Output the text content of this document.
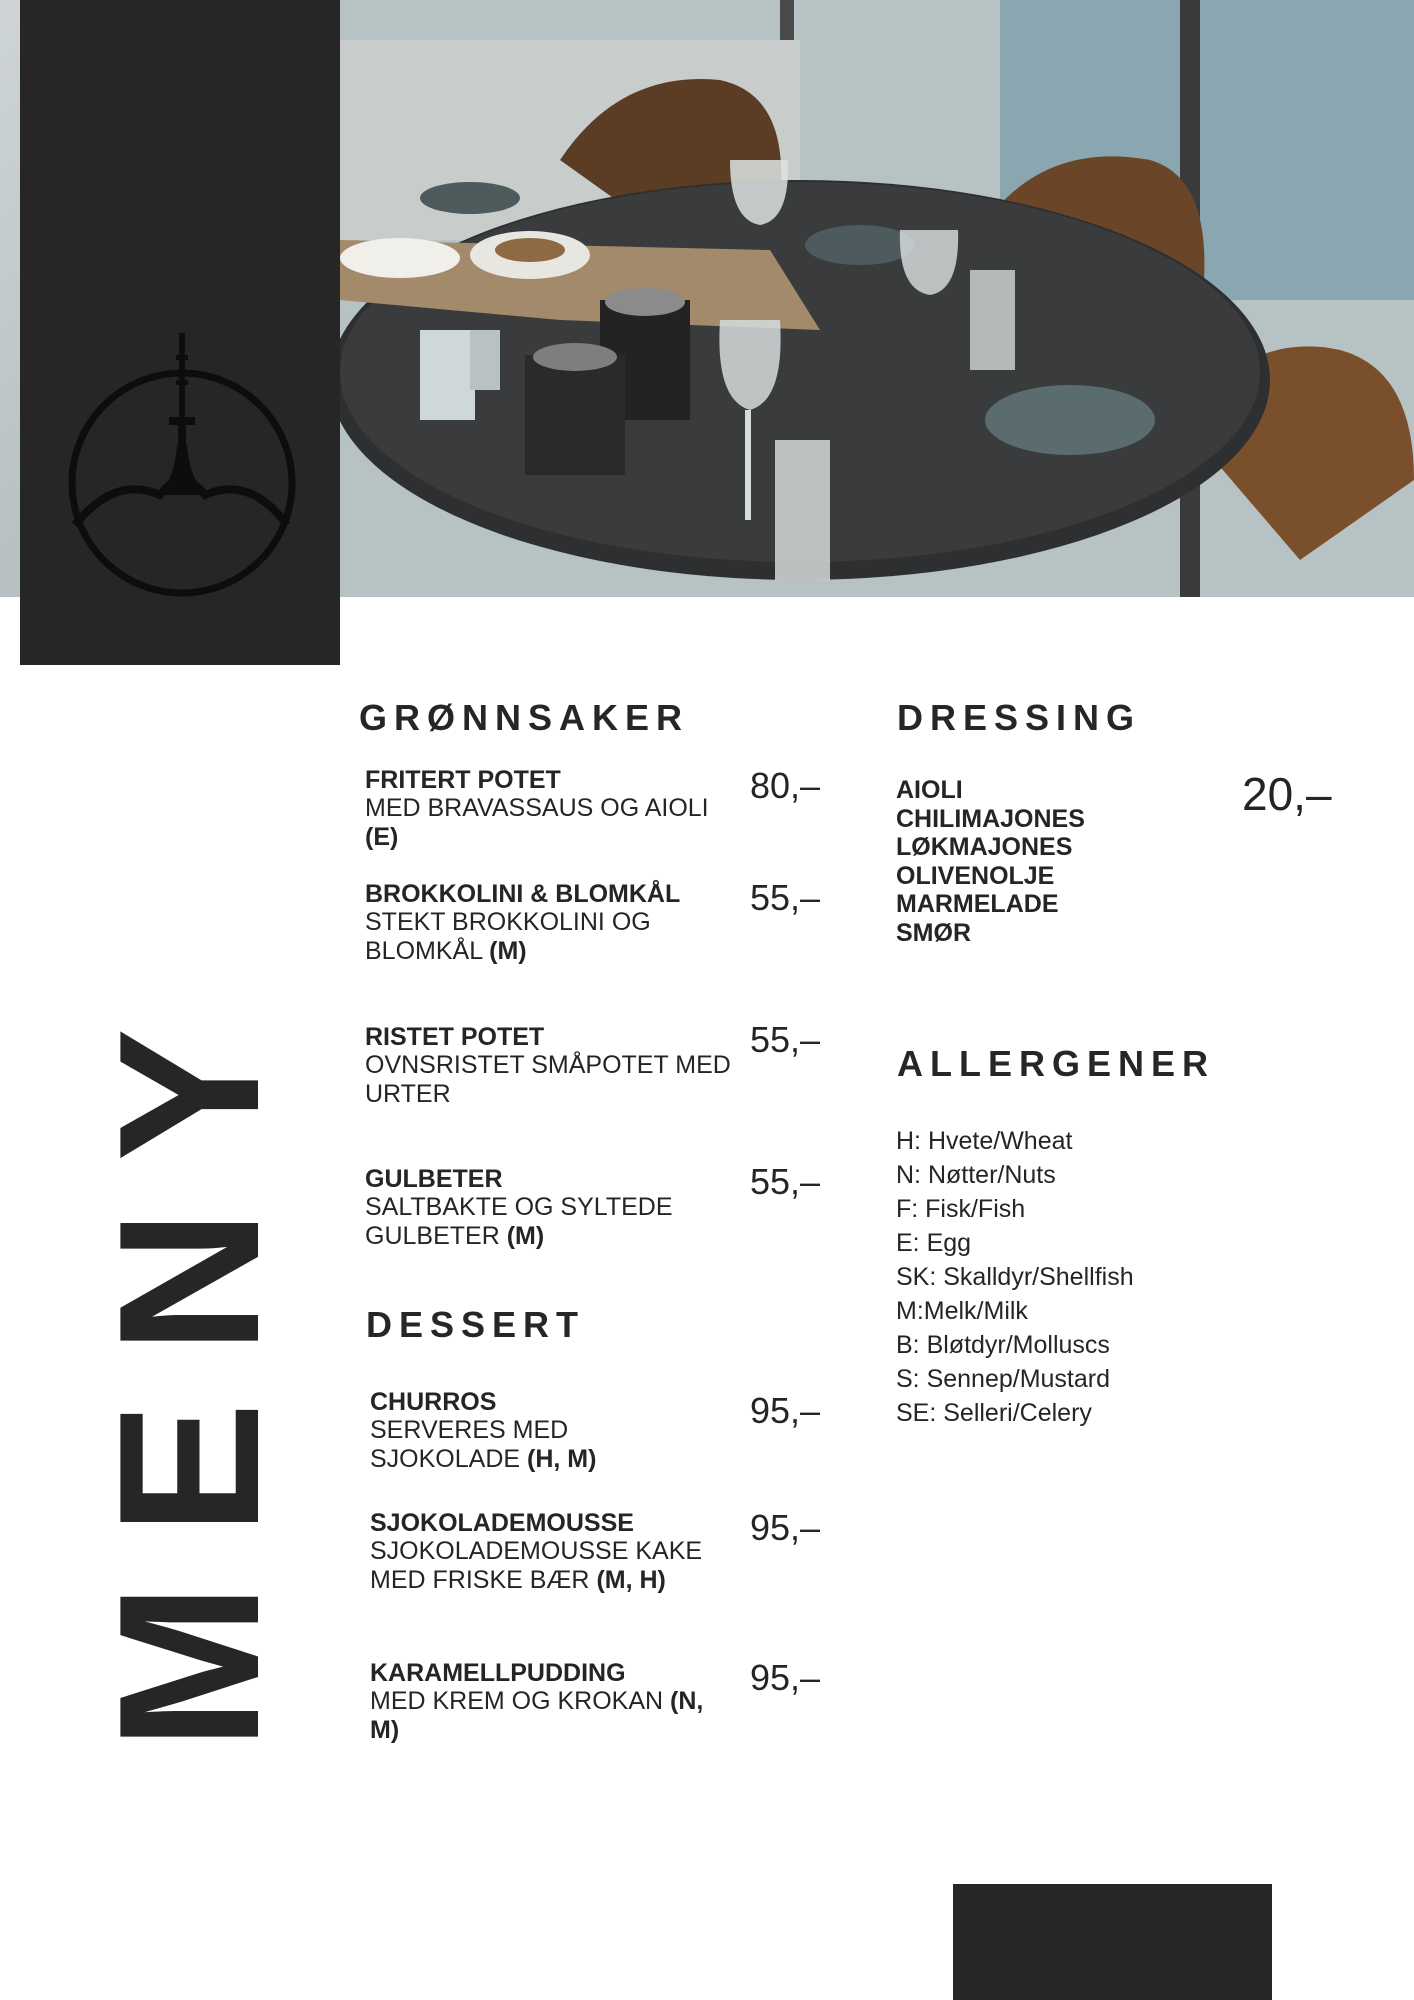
MENY
GRØNNSAKER
FRITERT POTET
MED BRAVASSAUS OG AIOLI (E)
80,–
BROKKOLINI & BLOMKÅL
STEKT BROKKOLINI OG BLOMKÅL (M)
55,–
RISTET POTET
OVNSRISTET SMÅPOTET MED URTER
55,–
GULBETER
SALTBAKTE OG SYLTEDE GULBETER (M)
55,–
DESSERT
CHURROS
SERVERES MED SJOKOLADE (H, M)
95,–
SJOKOLADEMOUSSE
SJOKOLADEMOUSSE KAKE MED FRISKE BÆR (M, H)
95,–
KARAMELLPUDDING
MED KREM OG KROKAN (N, M)
95,–
DRESSING
20,–
AIOLI
CHILIMAJONES
LØKMAJONES
OLIVENOLJE
MARMELADE
SMØR
ALLERGENER
H: Hvete/Wheat
N: Nøtter/Nuts
F: Fisk/Fish
E: Egg
SK: Skalldyr/Shellfish
M:Melk/Milk
B: Bløtdyr/Molluscs
S: Sennep/Mustard
SE: Selleri/Celery
